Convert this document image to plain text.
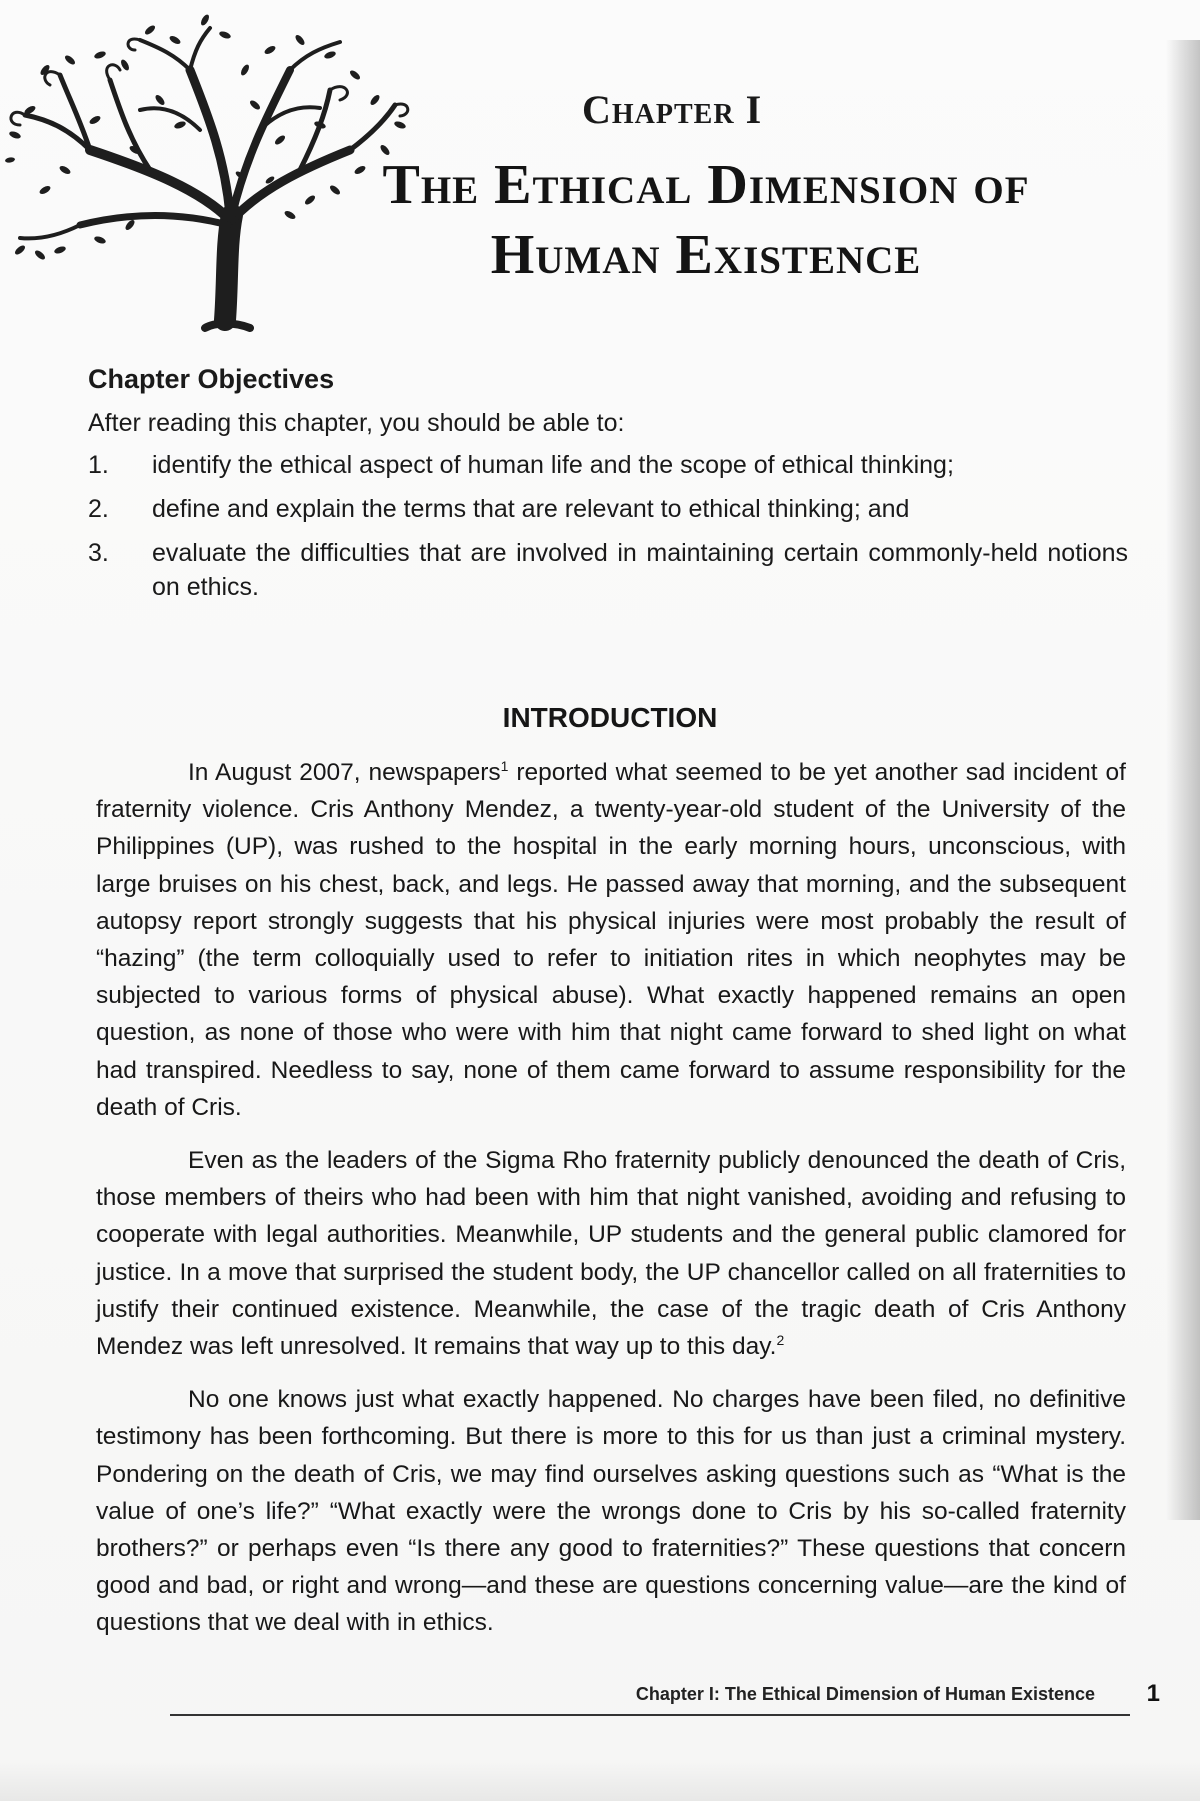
Chapter I
The Ethical Dimension of
Human Existence
Chapter Objectives
After reading this chapter, you should be able to:
1.	identify the ethical aspect of human life and the scope of ethical thinking;
2.	define and explain the terms that are relevant to ethical thinking; and
3.	evaluate the difficulties that are involved in maintaining certain commonly-held notions on ethics.
INTRODUCTION

In August 2007, newspapers$^1$ reported what seemed to be yet another sad incident of fraternity violence. Cris Anthony Mendez, a twenty-year-old student of the University of the Philippines (UP), was rushed to the hospital in the early morning hours, unconscious, with large bruises on his chest, back, and legs. He passed away that morning, and the subsequent autopsy report strongly suggests that his physical injuries were most probably the result of “hazing” (the term colloquially used to refer to initiation rites in which neophytes may be subjected to various forms of physical abuse). What exactly happened remains an open question, as none of those who were with him that night came forward to shed light on what had transpired. Needless to say, none of them came forward to assume responsibility for the death of Cris.

Even as the leaders of the Sigma Rho fraternity publicly denounced the death of Cris, those members of theirs who had been with him that night vanished, avoiding and refusing to cooperate with legal authorities. Meanwhile, UP students and the general public clamored for justice. In a move that surprised the student body, the UP chancellor called on all fraternities to justify their continued existence. Meanwhile, the case of the tragic death of Cris Anthony Mendez was left unresolved. It remains that way up to this day.$^2$

No one knows just what exactly happened. No charges have been filed, no definitive testimony has been forthcoming. But there is more to this for us than just a criminal mystery. Pondering on the death of Cris, we may find ourselves asking questions such as “What is the value of one’s life?” “What exactly were the wrongs done to Cris by his so-called fraternity brothers?” or perhaps even “Is there any good to fraternities?” These questions that concern good and bad, or right and wrong—and these are questions concerning value—are the kind of questions that we deal with in ethics.

Chapter I: The Ethical Dimension of Human Existence 1
